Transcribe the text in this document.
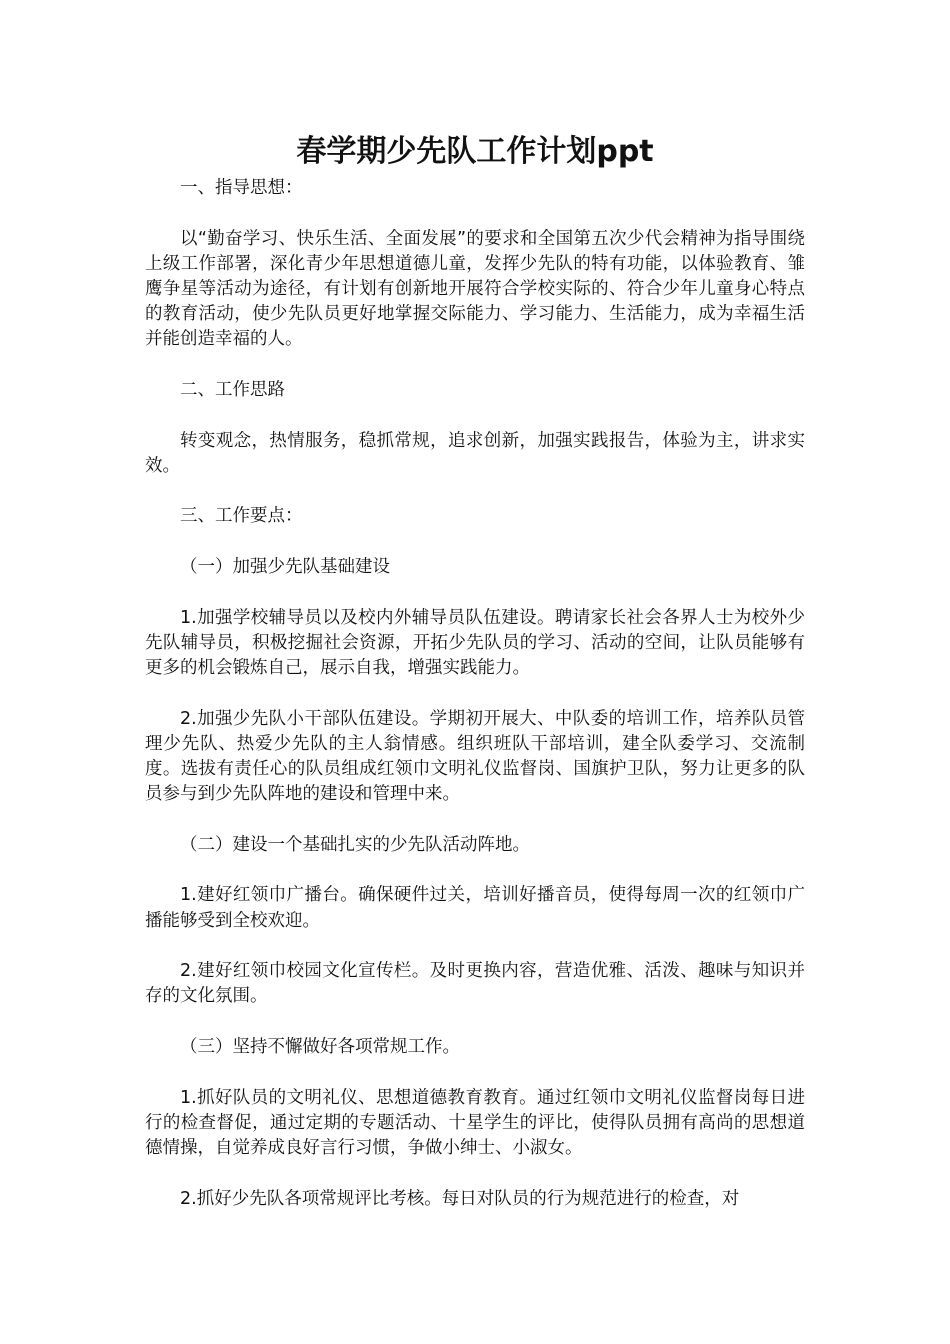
春学期少先队工作计划ppt

一、指导思想：

以“勤奋学习、快乐生活、全面发展”的要求和全国第五次少代会精神为指导围绕上级工作部署，深化青少年思想道德儿童，发挥少先队的特有功能，以体验教育、雏鹰争星等活动为途径，有计划有创新地开展符合学校实际的、符合少年儿童身心特点的教育活动，使少先队员更好地掌握交际能力、学习能力、生活能力，成为幸福生活并能创造幸福的人。

二、工作思路

转变观念，热情服务，稳抓常规，追求创新，加强实践报告，体验为主，讲求实效。

三、工作要点：

（一）加强少先队基础建设

1.加强学校辅导员以及校内外辅导员队伍建设。聘请家长社会各界人士为校外少先队辅导员，积极挖掘社会资源，开拓少先队员的学习、活动的空间，让队员能够有更多的机会锻炼自己，展示自我，增强实践能力。

2.加强少先队小干部队伍建设。学期初开展大、中队委的培训工作，培养队员管理少先队、热爱少先队的主人翁情感。组织班队干部培训，建全队委学习、交流制度。选拔有责任心的队员组成红领巾文明礼仪监督岗、国旗护卫队，努力让更多的队员参与到少先队阵地的建设和管理中来。

（二）建设一个基础扎实的少先队活动阵地。

1.建好红领巾广播台。确保硬件过关，培训好播音员，使得每周一次的红领巾广播能够受到全校欢迎。

2.建好红领巾校园文化宣传栏。及时更换内容，营造优雅、活泼、趣味与知识并存的文化氛围。

（三）坚持不懈做好各项常规工作。

1.抓好队员的文明礼仪、思想道德教育教育。通过红领巾文明礼仪监督岗每日进行的检查督促，通过定期的专题活动、十星学生的评比，使得队员拥有高尚的思想道德情操，自觉养成良好言行习惯，争做小绅士、小淑女。

2.抓好少先队各项常规评比考核。每日对队员的行为规范进行的检查，对
